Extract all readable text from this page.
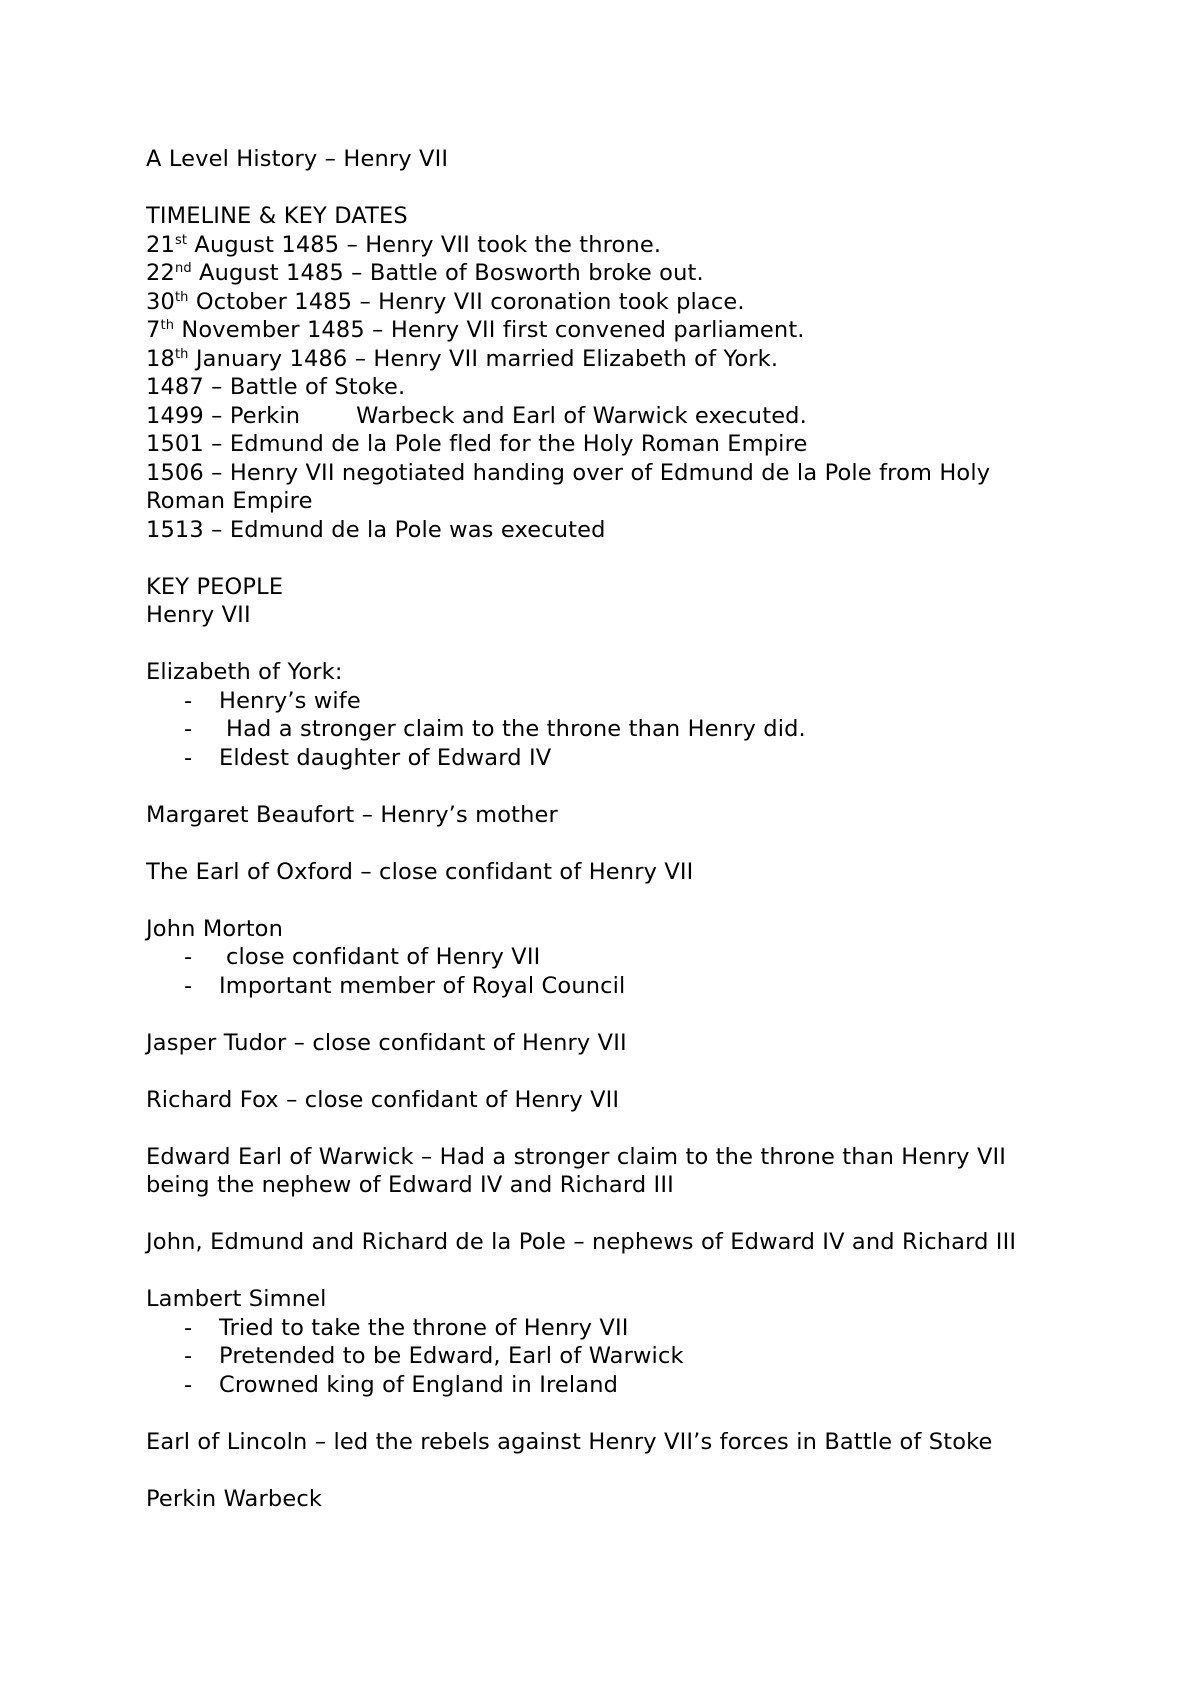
A Level History – Henry VII
TIMELINE & KEY DATES
21st August 1485 – Henry VII took the throne.
22nd August 1485 – Battle of Bosworth broke out.
30th October 1485 – Henry VII coronation took place.
7th November 1485 – Henry VII first convened parliament.
18th January 1486 – Henry VII married Elizabeth of York.
1487 – Battle of Stoke.
1499 – Perkin Warbeck and Earl of Warwick executed.
1501 – Edmund de la Pole fled for the Holy Roman Empire
1506 – Henry VII negotiated handing over of Edmund de la Pole from Holy Roman Empire
1513 – Edmund de la Pole was executed
KEY PEOPLE
Henry VII
Elizabeth of York:
-	Henry’s wife
-	Had a stronger claim to the throne than Henry did.
-	Eldest daughter of Edward IV
Margaret Beaufort – Henry’s mother
The Earl of Oxford – close confidant of Henry VII
John Morton
-	close confidant of Henry VII
-	Important member of Royal Council
Jasper Tudor – close confidant of Henry VII
Richard Fox – close confidant of Henry VII
Edward Earl of Warwick – Had a stronger claim to the throne than Henry VII being the nephew of Edward IV and Richard III
John, Edmund and Richard de la Pole – nephews of Edward IV and Richard III
Lambert Simnel
-	Tried to take the throne of Henry VII
-	Pretended to be Edward, Earl of Warwick
-	Crowned king of England in Ireland
Earl of Lincoln – led the rebels against Henry VII’s forces in Battle of Stoke
Perkin Warbeck
